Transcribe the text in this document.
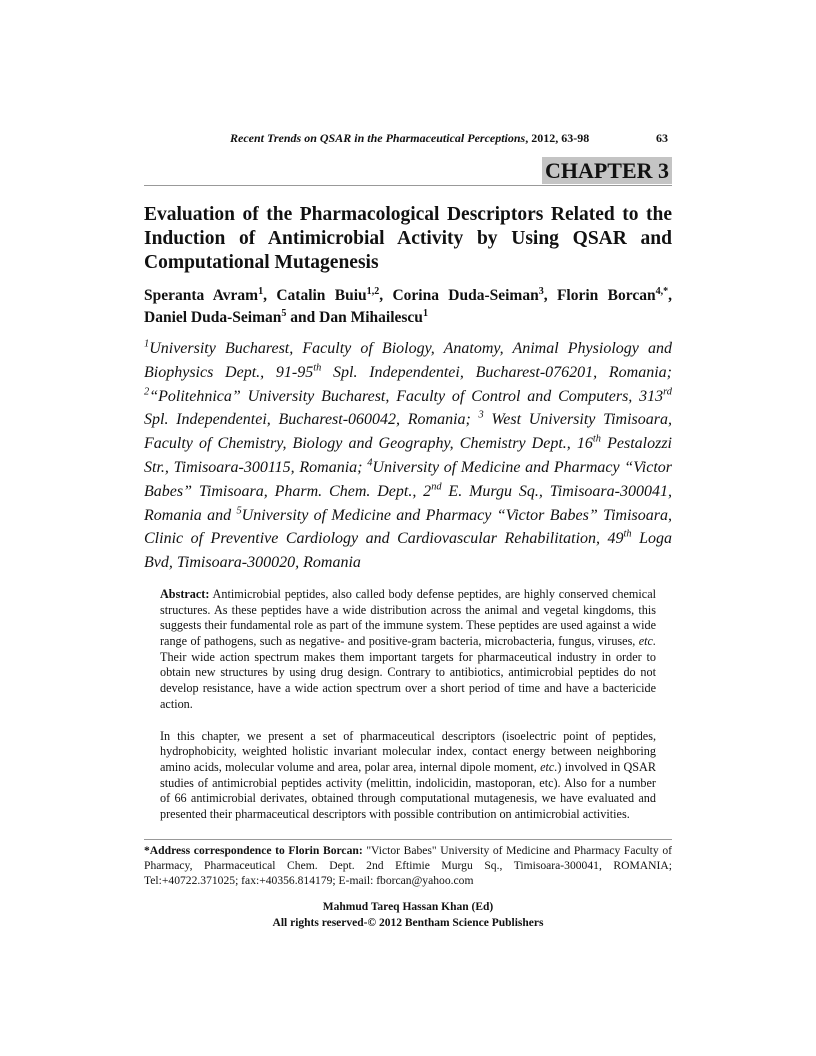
Recent Trends on QSAR in the Pharmaceutical Perceptions, 2012, 63-98	63
CHAPTER 3
Evaluation of the Pharmacological Descriptors Related to the Induction of Antimicrobial Activity by Using QSAR and Computational Mutagenesis
Speranta Avram$^1$, Catalin Buiu$^{1,2}$, Corina Duda-Seiman$^3$, Florin Borcan$^{4,*}$, Daniel Duda-Seiman$^5$ and Dan Mihailescu$^1$
$^1$University Bucharest, Faculty of Biology, Anatomy, Animal Physiology and Biophysics Dept., 91-95th Spl. Independentei, Bucharest-076201, Romania; $^2$“Politehnica” University Bucharest, Faculty of Control and Computers, 313rd Spl. Independentei, Bucharest-060042, Romania; $^3$ West University Timisoara, Faculty of Chemistry, Biology and Geography, Chemistry Dept., 16th Pestalozzi Str., Timisoara-300115, Romania; $^4$University of Medicine and Pharmacy “Victor Babes” Timisoara, Pharm. Chem. Dept., 2nd E. Murgu Sq., Timisoara-300041, Romania and $^5$University of Medicine and Pharmacy “Victor Babes” Timisoara, Clinic of Preventive Cardiology and Cardiovascular Rehabilitation, 49th Loga Bvd, Timisoara-300020, Romania
Abstract: Antimicrobial peptides, also called body defense peptides, are highly conserved chemical structures. As these peptides have a wide distribution across the animal and vegetal kingdoms, this suggests their fundamental role as part of the immune system. These peptides are used against a wide range of pathogens, such as negative- and positive-gram bacteria, microbacteria, fungus, viruses, etc. Their wide action spectrum makes them important targets for pharmaceutical industry in order to obtain new structures by using drug design. Contrary to antibiotics, antimicrobial peptides do not develop resistance, have a wide action spectrum over a short period of time and have a bactericide action.
In this chapter, we present a set of pharmaceutical descriptors (isoelectric point of peptides, hydrophobicity, weighted holistic invariant molecular index, contact energy between neighboring amino acids, molecular volume and area, polar area, internal dipole moment, etc.) involved in QSAR studies of antimicrobial peptides activity (melittin, indolicidin, mastoporan, etc). Also for a number of 66 antimicrobial derivates, obtained through computational mutagenesis, we have evaluated and presented their pharmaceutical descriptors with possible contribution on antimicrobial activities.
*Address correspondence to Florin Borcan: "Victor Babes" University of Medicine and Pharmacy Faculty of Pharmacy, Pharmaceutical Chem. Dept. 2nd Eftimie Murgu Sq., Timisoara-300041, ROMANIA; Tel:+40722.371025; fax:+40356.814179; E-mail: fborcan@yahoo.com
Mahmud Tareq Hassan Khan (Ed)
All rights reserved-© 2012 Bentham Science Publishers
